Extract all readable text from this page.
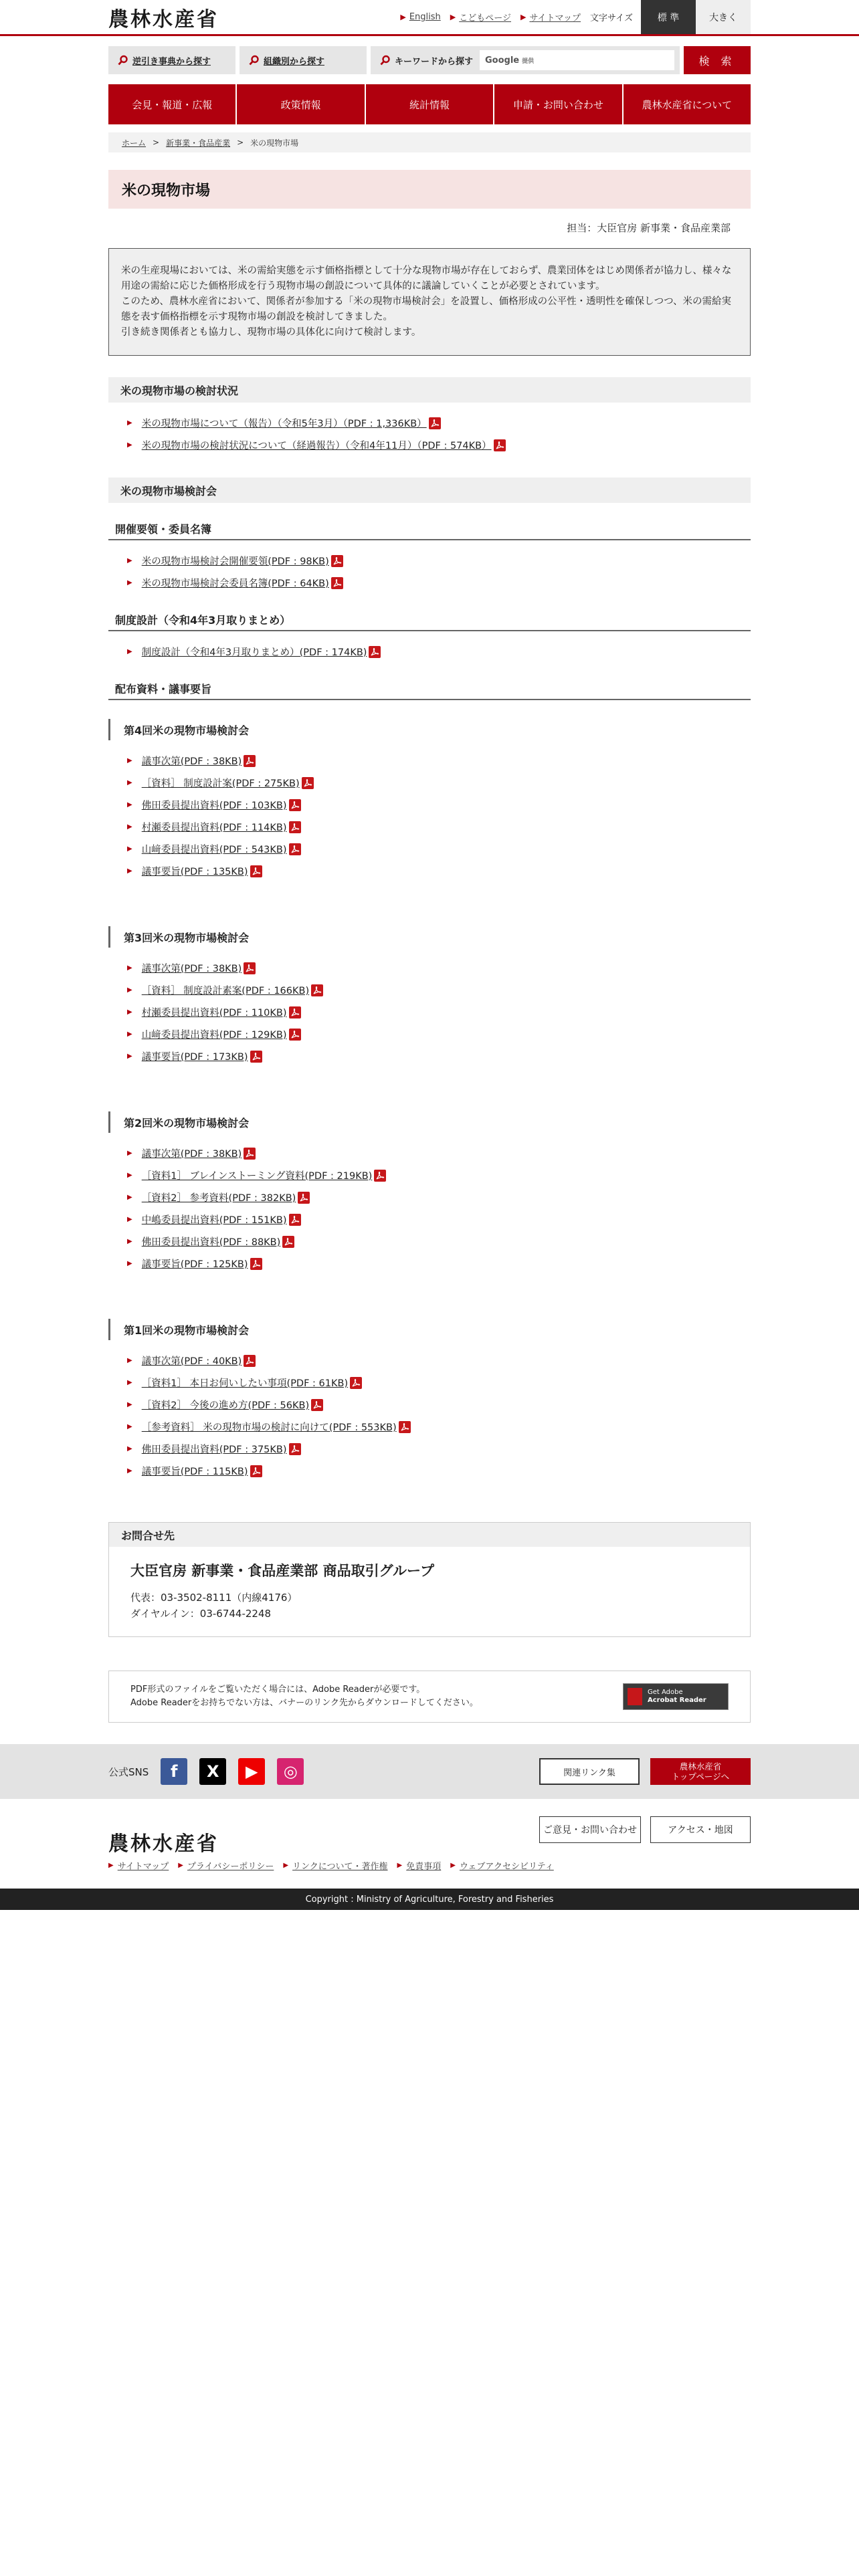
農林水産省	▶ English ▶ こどもページ ▶ サイトマップ 文字サイズ	標 準	大きく
逆引き事典から探す	組織別から探す	キーワードから探す Google 提供	検 索
会見・報道・広報	政策情報	統計情報	申請・お問い合わせ	農林水産省について
ホーム > 新事業・食品産業 > 米の現物市場
米の現物市場
担当：大臣官房 新事業・食品産業部

米の生産現場においては、米の需給実態を示す価格指標として十分な現物市場が存在しておらず、農業団体をはじめ関係者が協力し、様々な用途の需給に応じた価格形成を行う現物市場の創設について具体的に議論していくことが必要とされています。

このため、農林水産省において、関係者が参加する「米の現物市場検討会」を設置し、価格形成の公平性・透明性を確保しつつ、米の需給実態を表す価格指標を示す現物市場の創設を検討してきました。

引き続き関係者とも協力し、現物市場の具体化に向けて検討します。

米の現物市場の検討状況
▶ 米の現物市場について（報告）（令和5年3月）（PDF : 1,336KB）
▶ 米の現物市場の検討状況について（経過報告）（令和4年11月）（PDF : 574KB）
米の現物市場検討会
開催要領・委員名簿
▶ 米の現物市場検討会開催要領(PDF : 98KB)
▶ 米の現物市場検討会委員名簿(PDF : 64KB)
制度設計（令和4年3月取りまとめ）
▶ 制度設計（令和4年3月取りまとめ）(PDF : 174KB)
配布資料・議事要旨
第4回米の現物市場検討会
▶ 議事次第(PDF : 38KB)
▶ ［資料］ 制度設計案(PDF : 275KB)
▶ 佛田委員提出資料(PDF : 103KB)
▶ 村瀬委員提出資料(PDF : 114KB)
▶ 山﨑委員提出資料(PDF : 543KB)
▶ 議事要旨(PDF : 135KB)
第3回米の現物市場検討会
▶ 議事次第(PDF : 38KB)
▶ ［資料］ 制度設計素案(PDF : 166KB)
▶ 村瀬委員提出資料(PDF : 110KB)
▶ 山﨑委員提出資料(PDF : 129KB)
▶ 議事要旨(PDF : 173KB)
第2回米の現物市場検討会
▶ 議事次第(PDF : 38KB)
▶ ［資料1］ ブレインストーミング資料(PDF : 219KB)
▶ ［資料2］ 参考資料(PDF : 382KB)
▶ 中嶋委員提出資料(PDF : 151KB)
▶ 佛田委員提出資料(PDF : 88KB)
▶ 議事要旨(PDF : 125KB)
第1回米の現物市場検討会
▶ 議事次第(PDF : 40KB)
▶ ［資料1］ 本日お伺いしたい事項(PDF : 61KB)
▶ ［資料2］ 今後の進め方(PDF : 56KB)
▶ ［参考資料］ 米の現物市場の検討に向けて(PDF : 553KB)
▶ 佛田委員提出資料(PDF : 375KB)
▶ 議事要旨(PDF : 115KB)
お問合せ先
大臣官房 新事業・食品産業部 商品取引グループ
代表：03-3502-8111（内線4176）
ダイヤルイン：03-6744-2248
PDF形式のファイルをご覧いただく場合には、Adobe Readerが必要です。
Adobe Readerをお持ちでない方は、バナーのリンク先からダウンロードしてください。
Get Adobe
Acrobat Reader
公式SNS	f	X	▶	◎	関連リンク集
農林水産省
トップページへ
農林水産省
ご意見・お問い合わせ	アクセス・地図
▶ サイトマップ ▶ プライバシーポリシー ▶ リンクについて・著作権 ▶ 免責事項 ▶ ウェブアクセシビリティ
Copyright : Ministry of Agriculture, Forestry and Fisheries
